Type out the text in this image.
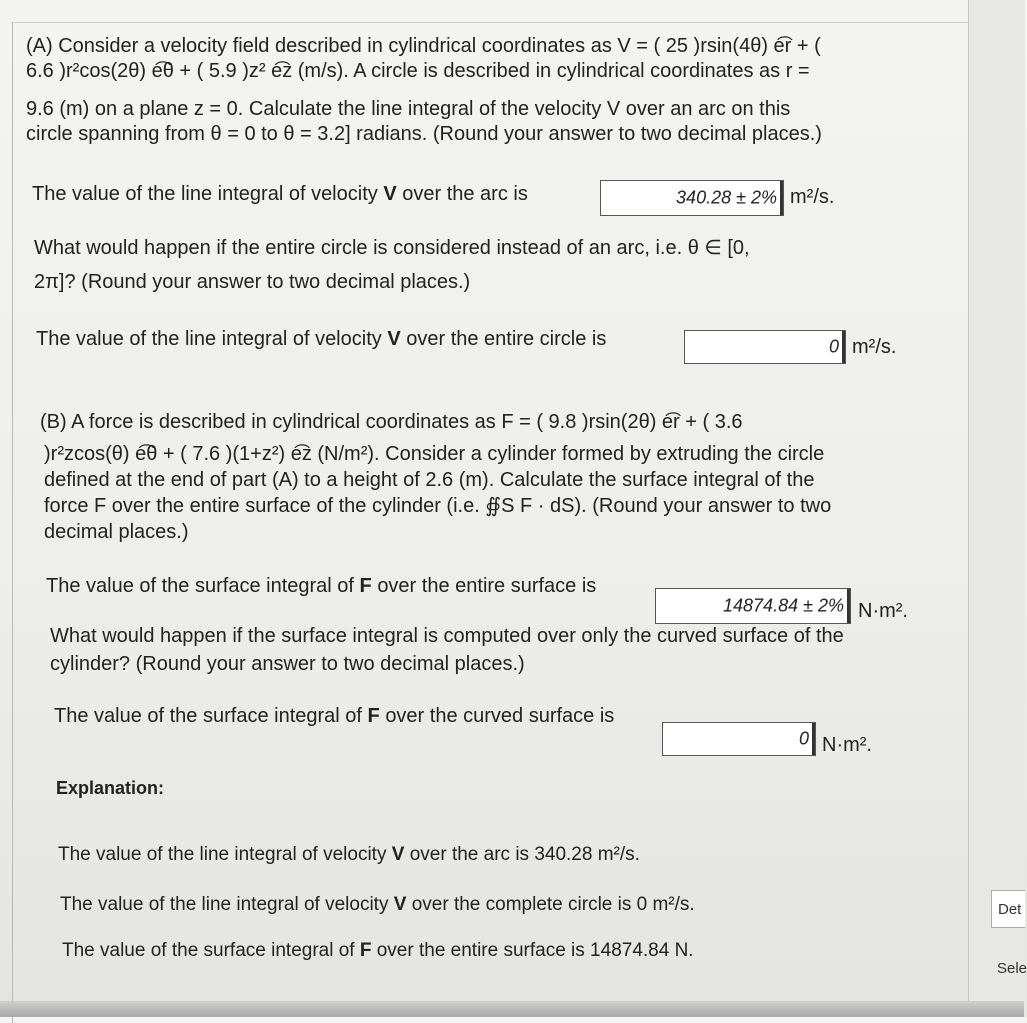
(A) Consider a velocity field described in cylindrical coordinates as V = ( 25 )rsin(4θ) e͡r + (
6.6 )r²cos(2θ) e͡θ + ( 5.9 )z² e͡z (m/s). A circle is described in cylindrical coordinates as r =
9.6 (m) on a plane z = 0. Calculate the line integral of the velocity V over an arc on this
circle spanning from θ = 0 to θ = 3.2] radians. (Round your answer to two decimal places.)
The value of the line integral of velocity V over the arc is	340.28 ± 2% m²/s.
What would happen if the entire circle is considered instead of an arc, i.e. θ ∈ [0,
2π]? (Round your answer to two decimal places.)
The value of the line integral of velocity V over the entire circle is	0 m²/s.
(B) A force is described in cylindrical coordinates as F = ( 9.8 )rsin(2θ) e͡r + ( 3.6
)r²zcos(θ) e͡θ + ( 7.6 )(1+z²) e͡z (N/m²). Consider a cylinder formed by extruding the circle
defined at the end of part (A) to a height of 2.6 (m). Calculate the surface integral of the
force F over the entire surface of the cylinder (i.e. ∯S F · dS). (Round your answer to two
decimal places.)
The value of the surface integral of F over the entire surface is
14874.84 ± 2% N·m².
What would happen if the surface integral is computed over only the curved surface of the
cylinder? (Round your answer to two decimal places.)
The value of the surface integral of F over the curved surface is
0 N·m².
Explanation:
The value of the line integral of velocity V over the arc is 340.28 m²/s.
The value of the line integral of velocity V over the complete circle is 0 m²/s.
The value of the surface integral of F over the entire surface is 14874.84 N.
Det
Sele
